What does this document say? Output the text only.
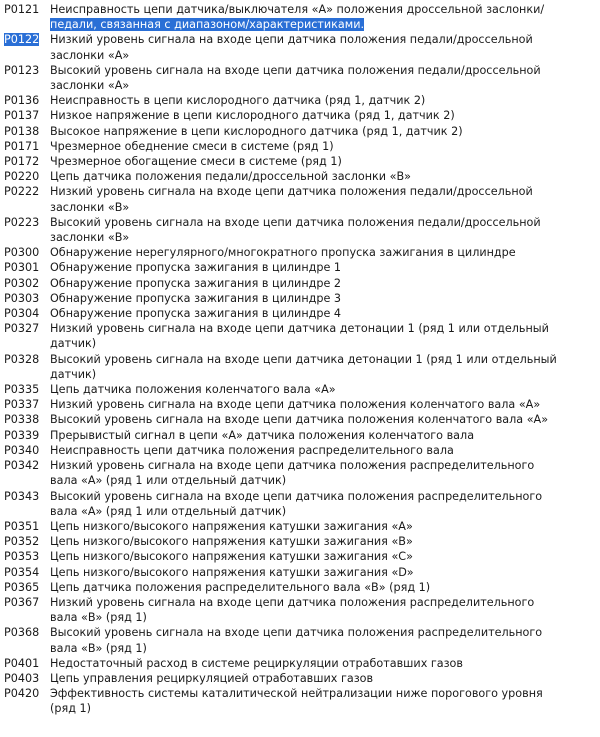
P0121 Неисправность цепи датчика/выключателя «А» положения дроссельной заслонки/
педали, связанная с диапазоном/характеристиками.
P0122 Низкий уровень сигнала на входе цепи датчика положения педали/дроссельной
заслонки «А»
P0123 Высокий уровень сигнала на входе цепи датчика положения педали/дроссельной
заслонки «А»
P0136 Неисправность в цепи кислородного датчика (ряд 1, датчик 2)
P0137 Низкое напряжение в цепи кислородного датчика (ряд 1, датчик 2)
P0138 Высокое напряжение в цепи кислородного датчика (ряд 1, датчик 2)
P0171 Чрезмерное обеднение смеси в системе (ряд 1)
P0172 Чрезмерное обогащение смеси в системе (ряд 1)
P0220 Цепь датчика положения педали/дроссельной заслонки «В»
P0222 Низкий уровень сигнала на входе цепи датчика положения педали/дроссельной
заслонки «В»
P0223 Высокий уровень сигнала на входе цепи датчика положения педали/дроссельной
заслонки «В»
P0300 Обнаружение нерегулярного/многократного пропуска зажигания в цилиндре
P0301 Обнаружение пропуска зажигания в цилиндре 1
P0302 Обнаружение пропуска зажигания в цилиндре 2
P0303 Обнаружение пропуска зажигания в цилиндре 3
P0304 Обнаружение пропуска зажигания в цилиндре 4
P0327 Низкий уровень сигнала на входе цепи датчика детонации 1 (ряд 1 или отдельный
датчик)
P0328 Высокий уровень сигнала на входе цепи датчика детонации 1 (ряд 1 или отдельный
датчик)
P0335 Цепь датчика положения коленчатого вала «А»
P0337 Низкий уровень сигнала на входе цепи датчика положения коленчатого вала «А»
P0338 Высокий уровень сигнала на входе цепи датчика положения коленчатого вала «А»
P0339 Прерывистый сигнал в цепи «А» датчика положения коленчатого вала
P0340 Неисправность цепи датчика положения распределительного вала
P0342 Низкий уровень сигнала на входе цепи датчика положения распределительного
вала «А» (ряд 1 или отдельный датчик)
P0343 Высокий уровень сигнала на входе цепи датчика положения распределительного
вала «А» (ряд 1 или отдельный датчик)
P0351 Цепь низкого/высокого напряжения катушки зажигания «А»
P0352 Цепь низкого/высокого напряжения катушки зажигания «В»
P0353 Цепь низкого/высокого напряжения катушки зажигания «С»
P0354 Цепь низкого/высокого напряжения катушки зажигания «D»
P0365 Цепь датчика положения распределительного вала «В» (ряд 1)
P0367 Низкий уровень сигнала на входе цепи датчика положения распределительного
вала «В» (ряд 1)
P0368 Высокий уровень сигнала на входе цепи датчика положения распределительного
вала «В» (ряд 1)
P0401 Недостаточный расход в системе рециркуляции отработавших газов
P0403 Цепь управления рециркуляцией отработавших газов
P0420 Эффективность системы каталитической нейтрализации ниже порогового уровня
(ряд 1)
